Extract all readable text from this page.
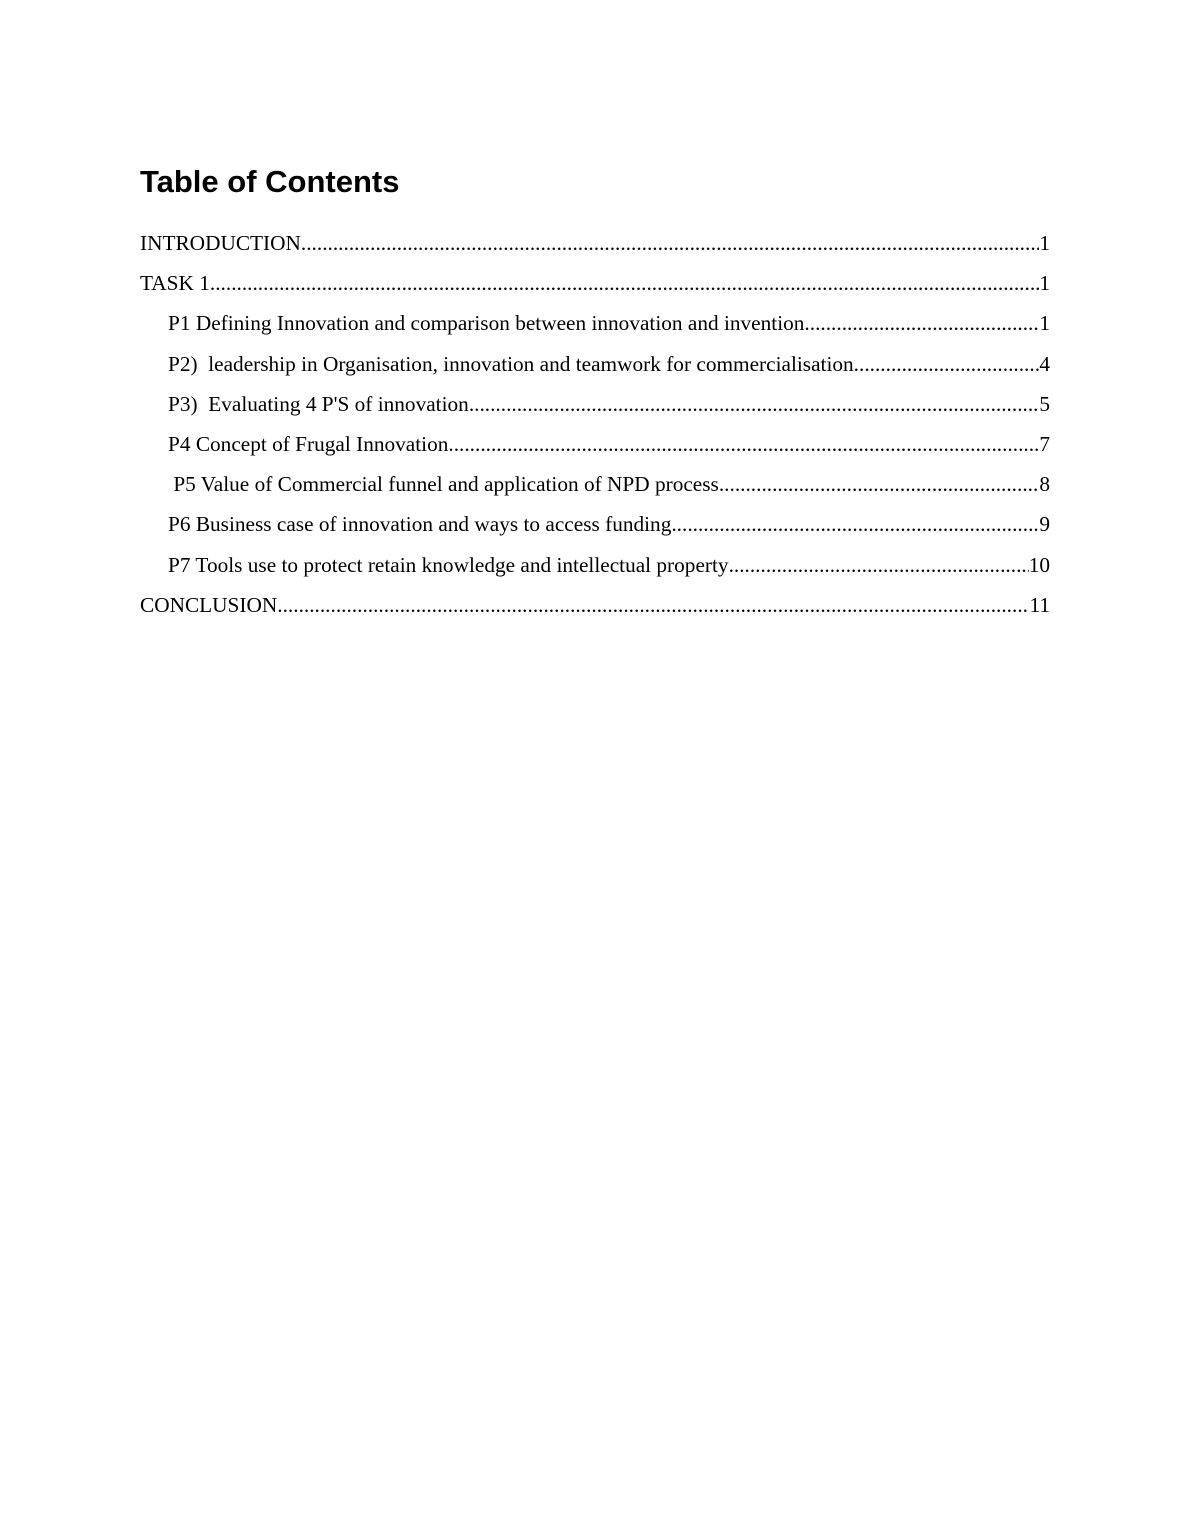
Table of Contents
INTRODUCTION .....	1
TASK 1 .....	1
P1 Defining Innovation and comparison between innovation and invention .....	1
P2)  leadership in Organisation, innovation and teamwork for commercialisation .....	4
P3)  Evaluating 4 P'S of innovation .....	5
P4 Concept of Frugal Innovation .....	7
P5 Value of Commercial funnel and application of NPD process .....	8
P6 Business case of innovation and ways to access funding .....	9
P7 Tools use to protect retain knowledge and intellectual property .....	10
CONCLUSION .....	11
